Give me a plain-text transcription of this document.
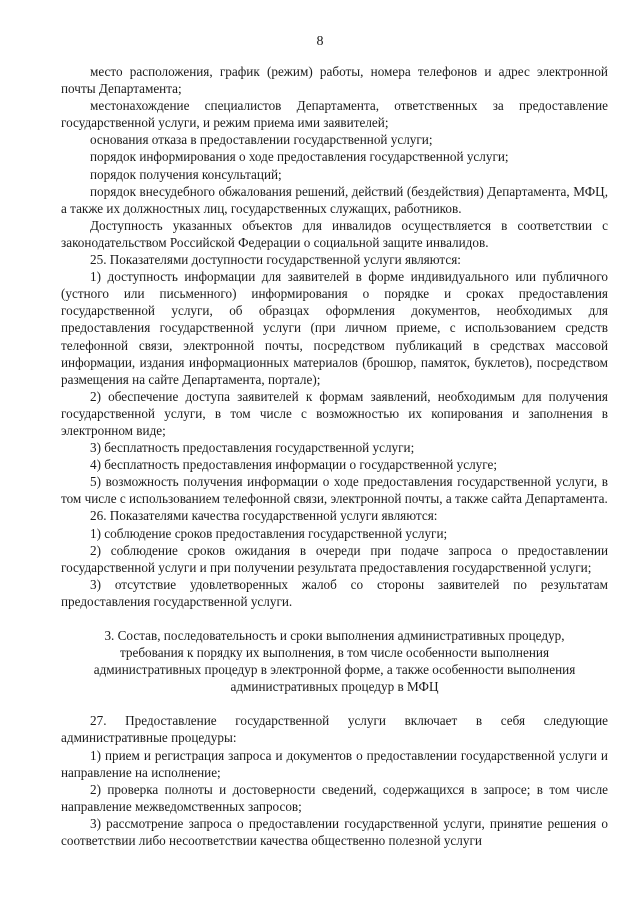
8

место расположения, график (режим) работы, номера телефонов и адрес электронной почты Департамента;

местонахождение специалистов Департамента, ответственных за предоставление государственной услуги, и режим приема ими заявителей;

основания отказа в предоставлении государственной услуги;

порядок информирования о ходе предоставления государственной услуги;

порядок получения консультаций;

порядок внесудебного обжалования решений, действий (бездействия) Департамента, МФЦ, а также их должностных лиц, государственных служащих, работников.

Доступность указанных объектов для инвалидов осуществляется в соответствии с законодательством Российской Федерации о социальной защите инвалидов.

25. Показателями доступности государственной услуги являются:

1) доступность информации для заявителей в форме индивидуального или публичного (устного или письменного) информирования о порядке и сроках предоставления государственной услуги, об образцах оформления документов, необходимых для предоставления государственной услуги (при личном приеме, с использованием средств телефонной связи, электронной почты, посредством публикаций в средствах массовой информации, издания информационных материалов (брошюр, памяток, буклетов), посредством размещения на сайте Департамента, портале);

2) обеспечение доступа заявителей к формам заявлений, необходимым для получения государственной услуги, в том числе с возможностью их копирования и заполнения в электронном виде;

3) бесплатность предоставления государственной услуги;

4) бесплатность предоставления информации о государственной услуге;

5) возможность получения информации о ходе предоставления государственной услуги, в том числе с использованием телефонной связи, электронной почты, а также сайта Департамента.

26. Показателями качества государственной услуги являются:

1) соблюдение сроков предоставления государственной услуги;

2) соблюдение сроков ожидания в очереди при подаче запроса о предоставлении государственной услуги и при получении результата предоставления государственной услуги;

3) отсутствие удовлетворенных жалоб со стороны заявителей по результатам предоставления государственной услуги.

3. Состав, последовательность и сроки выполнения административных процедур, требования к порядку их выполнения, в том числе особенности выполнения административных процедур в электронной форме, а также особенности выполнения административных процедур в МФЦ

27. Предоставление государственной услуги включает в себя следующие административные процедуры:

1) прием и регистрация запроса и документов о предоставлении государственной услуги и направление на исполнение;

2) проверка полноты и достоверности сведений, содержащихся в запросе; в том числе направление межведомственных запросов;

3) рассмотрение запроса о предоставлении государственной услуги, принятие решения о соответствии либо несоответствии качества общественно полезной услуги
